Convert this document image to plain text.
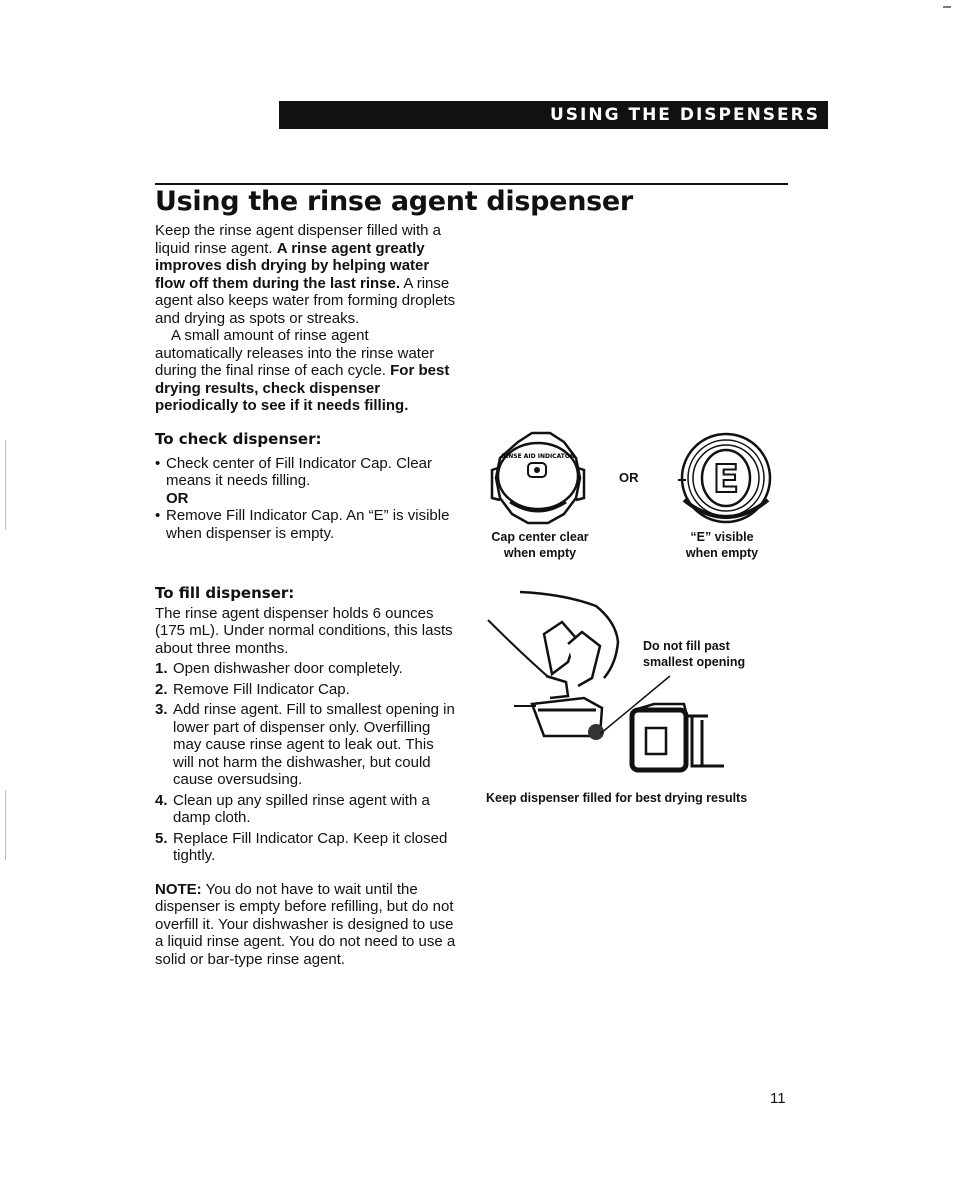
USING THE DISPENSERS
Using the rinse agent dispenser

Keep the rinse agent dispenser filled with a liquid rinse agent. A rinse agent greatly improves dish drying by helping water flow off them during the last rinse. A rinse agent also keeps water from forming droplets and drying as spots or streaks.

A small amount of rinse agent automatically releases into the rinse water during the final rinse of each cycle. For best drying results, check dispenser periodically to see if it needs filling.

To check dispenser:
• Check center of Fill Indicator Cap. Clear means it needs filling.
OR
• Remove Fill Indicator Cap. An “E” is visible when dispenser is empty.
RINSE AID INDICATOR
OR E
Cap center clear
when empty
“E” visible
when empty
To fill dispenser:

The rinse agent dispenser holds 6 ounces (175 mL). Under normal conditions, this lasts about three months.

1. Open dishwasher door completely.
2. Remove Fill Indicator Cap.
3. Add rinse agent. Fill to smallest opening in lower part of dispenser only. Overfilling may cause rinse agent to leak out. This will not harm the dishwasher, but could cause oversudsing.
4. Clean up any spilled rinse agent with a damp cloth.
5. Replace Fill Indicator Cap. Keep it closed tightly.

NOTE: You do not have to wait until the dispenser is empty before refilling, but do not overfill it. Your dishwasher is designed to use a liquid rinse agent. You do not need to use a solid or bar-type rinse agent.

Do not fill past
smallest opening
Keep dispenser filled for best drying results
11
